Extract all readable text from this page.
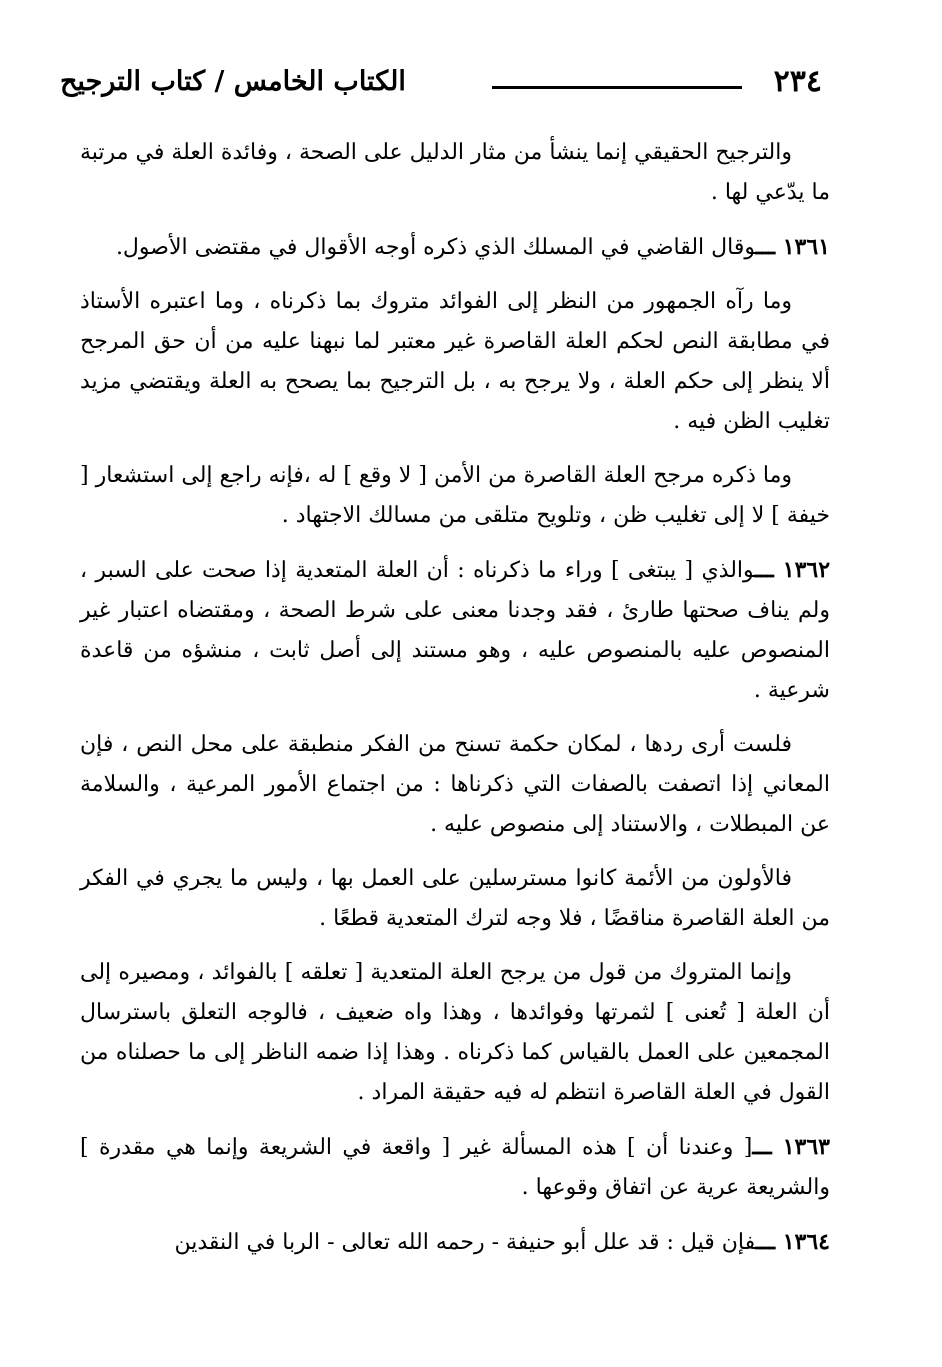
٢٣٤
الكتاب الخامس / كتاب الترجيح

والترجيح الحقيقي إنما ينشأ من مثار الدليل على الصحة ، وفائدة العلة في مرتبة ما يدّعي لها .

١٣٦١ ـــوقال القاضي في المسلك الذي ذكره أوجه الأقوال في مقتضى الأصول.

وما رآه الجمهور من النظر إلى الفوائد متروك بما ذكرناه ، وما اعتبره الأستاذ في مطابقة النص لحكم العلة القاصرة غير معتبر لما نبهنا عليه من أن حق المرجح ألا ينظر إلى حكم العلة ، ولا يرجح به ، بل الترجيح بما يصحح به العلة ويقتضي مزيد تغليب الظن فيه .

وما ذكره مرجح العلة القاصرة من الأمن [ لا وقع ] له ،فإنه راجع إلى استشعار [ خيفة ] لا إلى تغليب ظن ، وتلويح متلقى من مسالك الاجتهاد .

١٣٦٢ ـــوالذي [ يبتغى ] وراء ما ذكرناه : أن العلة المتعدية إذا صحت على السبر ، ولم يناف صحتها طارئ ، فقد وجدنا معنى على شرط الصحة ، ومقتضاه اعتبار غير المنصوص عليه بالمنصوص عليه ، وهو مستند إلى أصل ثابت ، منشؤه من قاعدة شرعية .

فلست أرى ردها ، لمكان حكمة تسنح من الفكر منطبقة على محل النص ، فإن المعاني إذا اتصفت بالصفات التي ذكرناها : من اجتماع الأمور المرعية ، والسلامة عن المبطلات ، والاستناد إلى منصوص عليه .

فالأولون من الأئمة كانوا مسترسلين على العمل بها ، وليس ما يجري في الفكر من العلة القاصرة مناقضًا ، فلا وجه لترك المتعدية قطعًا .

وإنما المتروك من قول من يرجح العلة المتعدية [ تعلقه ] بالفوائد ، ومصيره إلى أن العلة [ تُعنى ] لثمرتها وفوائدها ، وهذا واه ضعيف ، فالوجه التعلق باسترسال المجمعين على العمل بالقياس كما ذكرناه . وهذا إذا ضمه الناظر إلى ما حصلناه من القول في العلة القاصرة انتظم له فيه حقيقة المراد .

١٣٦٣ ـــ[ وعندنا أن ] هذه المسألة غير [ واقعة في الشريعة وإنما هي مقدرة ] والشريعة عرية عن اتفاق وقوعها .

١٣٦٤ ـــفإن قيل : قد علل أبو حنيفة - رحمه الله تعالى - الربا في النقدين
